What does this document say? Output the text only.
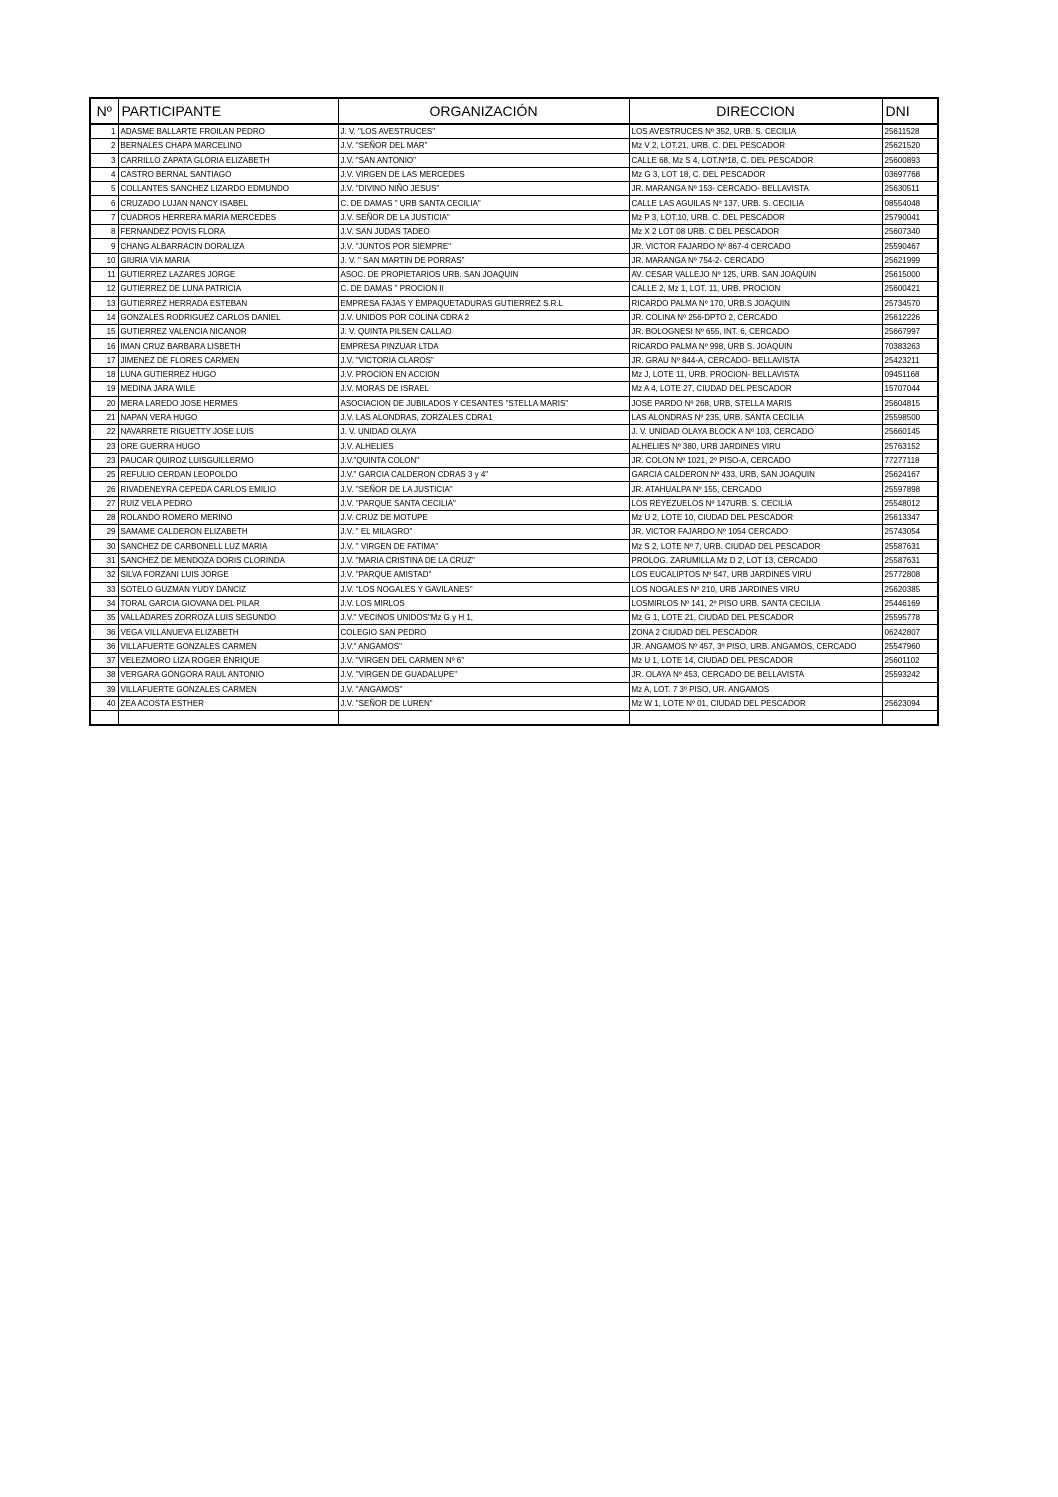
Nº	PARTICIPANTE	ORGANIZACIÓN	DIRECCION	DNI
1	ADASME BALLARTE FROILAN PEDRO	J. V. "LOS AVESTRUCES"	LOS AVESTRUCES Nº 352, URB. S. CECILIA	25611528
2	BERNALES CHAPA MARCELINO	J.V. "SEÑOR DEL MAR"	Mz V 2, LOT.21, URB. C. DEL PESCADOR	25621520
3	CARRILLO ZAPATA GLORIA ELIZABETH	J.V. "SAN ANTONIO"	CALLE 68, Mz S 4, LOT.Nº18, C. DEL PESCADOR	25600893
4	CASTRO BERNAL SANTIAGO	J.V. VIRGEN DE LAS MERCEDES	Mz G 3, LOT 18, C. DEL PESCADOR	03697768
5	COLLANTES SANCHEZ LIZARDO EDMUNDO	J.V. "DIVINO NIÑO JESUS"	JR. MARANGA Nº 153- CERCADO- BELLAVISTA	25630511
6	CRUZADO LUJAN NANCY ISABEL	C. DE DAMAS " URB SANTA CECILIA"	CALLE LAS AGUILAS Nº 137, URB. S. CECILIA	08554048
7	CUADROS HERRERA MARIA MERCEDES	J.V. SEÑOR DE LA JUSTICIA"	Mz P 3, LOT.10, URB. C. DEL PESCADOR	25790041
8	FERNANDEZ POVIS FLORA	J.V. SAN JUDAS TADEO	Mz X 2 LOT 08 URB. C DEL PESCADOR	25607340
9	CHANG ALBARRACIN DORALIZA	J.V. "JUNTOS POR SIEMPRE"	JR. VICTOR FAJARDO Nº 867-4 CERCADO	25590467
10	GIURIA VIA MARIA	J. V. " SAN MARTIN DE PORRAS"	JR. MARANGA Nº 754-2- CERCADO	25621999
11	GUTIERREZ LAZARES JORGE	ASOC. DE PROPIETARIOS URB. SAN JOAQUIN	AV. CESAR VALLEJO Nº 125, URB. SAN JOAQUIN	25615000
12	GUTIERREZ DE LUNA PATRICIA	C. DE DAMAS " PROCION II	CALLE 2, Mz 1, LOT. 11, URB. PROCION	25600421
13	GUTIERREZ HERRADA ESTEBAN	EMPRESA FAJAS Y EMPAQUETADURAS GUTIERREZ S.R.L	RICARDO PALMA Nº 170, URB.S JOAQUIN	25734570
14	GONZALES RODRIGUEZ CARLOS DANIEL	J.V. UNIDOS POR COLINA CDRA 2	JR. COLINA Nº 256-DPTO 2, CERCADO	25612226
15	GUTIERREZ VALENCIA NICANOR	J. V. QUINTA PILSEN CALLAO	JR. BOLOGNESI Nº 655, INT. 6, CERCADO	25667997
16	IMAN CRUZ BARBARA LISBETH	EMPRESA PINZUAR LTDA	RICARDO PALMA Nº 998, URB S. JOAQUIN	70383263
17	JIMENEZ DE FLORES CARMEN	J.V. "VICTORIA CLAROS"	JR. GRAU Nº 844-A, CERCADO- BELLAVISTA	25423211
18	LUNA GUTIERREZ HUGO	J.V. PROCION EN ACCION	Mz J, LOTE 11, URB. PROCION- BELLAVISTA	09451168
19	MEDINA JARA WILE	J.V. MORAS DE ISRAEL	Mz A 4, LOTE 27, CIUDAD DEL PESCADOR	15707044
20	MERA LAREDO JOSE HERMES	ASOCIACION DE JUBILADOS Y CESANTES "STELLA MARIS"	JOSE PARDO Nº 268, URB, STELLA MARIS	25604815
21	NAPAN VERA HUGO	J.V. LAS ALONDRAS, ZORZALES CDRA1	LAS ALONDRAS Nº 235, URB. SANTA CECILIA	25598500
22	NAVARRETE RIGUETTY JOSE LUIS	J. V. UNIDAD OLAYA	J. V. UNIDAD OLAYA BLOCK A Nº 103, CERCADO	25660145
23	ORE GUERRA HUGO	J.V. ALHELIES	ALHELIES Nº 380, URB JARDINES VIRU	25763152
23	PAUCAR QUIROZ LUISGUILLERMO	J.V."QUINTA COLON"	JR. COLON Nº 1021, 2º PISO-A, CERCADO	77277118
25	REFULIO CERDAN LEOPOLDO	J.V." GARCIA CALDERON CDRAS 3 y 4"	GARCIA CALDERON Nº 433, URB, SAN JOAQUIN	25624167
26	RIVADENEYRA CEPEDA CARLOS EMILIO	J.V. "SEÑOR DE LA JUSTICIA"	JR. ATAHUALPA Nº 155, CERCADO	25597898
27	RUIZ VELA PEDRO	J.V. "PARQUE SANTA CECILIA"	LOS REYEZUELOS Nº 147URB. S. CECILIA	25548012
28	ROLANDO ROMERO MERINO	J.V. CRUZ DE MOTUPE	Mz U 2, LOTE 10, CIUDAD DEL PESCADOR	25613347
29	SAMAME CALDERON ELIZABETH	J.V. " EL MILAGRO"	JR. VICTOR FAJARDO Nº 1054 CERCADO	25743054
30	SANCHEZ DE CARBONELL LUZ MARIA	J.V. " VIRGEN DE FATIMA"	Mz S 2, LOTE Nº 7, URB. CIUDAD DEL PESCADOR	25587631
31	SANCHEZ DE MENDOZA DORIS CLORINDA	J.V. "MARIA CRISTINA DE LA CRUZ"	PROLOG. ZARUMILLA Mz D 2, LOT 13, CERCADO	25587631
32	SILVA FORZANI LUIS JORGE	J.V. "PARQUE AMISTAD"	LOS EUCALIPTOS Nº 547, URB JARDINES VIRU	25772808
33	SOTELO GUZMAN YUDY DANCIZ	J.V. "LOS NOGALES Y GAVILANES"	LOS NOGALES Nº 210, URB JARDINES VIRU	25620385
34	TORAL GARCIA GIOVANA DEL PILAR	J.V. LOS MIRLOS	LOSMIRLOS Nº 141, 2º PISO URB. SANTA CECILIA	25446169
35	VALLADARES ZORROZA LUIS SEGUNDO	J.V." VECINOS UNIDOS"Mz G y H 1,	Mz G 1, LOTE 21, CIUDAD DEL PESCADOR	25595778
36	VEGA VILLANUEVA ELIZABETH	COLEGIO SAN PEDRO	ZONA 2 CIUDAD DEL PESCADOR	06242807
36	VILLAFUERTE GONZALES CARMEN	J.V." ANGAMOS"	JR. ANGAMOS Nº 457, 3º PISO, URB. ANGAMOS, CERCADO	25547960
37	VELEZMORO LIZA ROGER ENRIQUE	J.V. "VIRGEN DEL CARMEN Nº 6"	Mz U 1, LOTE 14, CIUDAD DEL PESCADOR	25601102
38	VERGARA GÓNGORA RAUL ANTONIO	J.V. "VIRGEN DE GUADALUPE"	JR. OLAYA Nº 453, CERCADO DE BELLAVISTA	25593242
39	VILLAFUERTE GONZALES CARMEN	J.V. "ANGAMOS"	Mz A, LOT. 7 3º PISO, UR. ANGAMOS	
40	ZEA ACOSTA ESTHER	J.V. "SEÑOR DE LUREN"	Mz W 1, LOTE Nº 01, CIUDAD DEL PESCADOR	25623094
